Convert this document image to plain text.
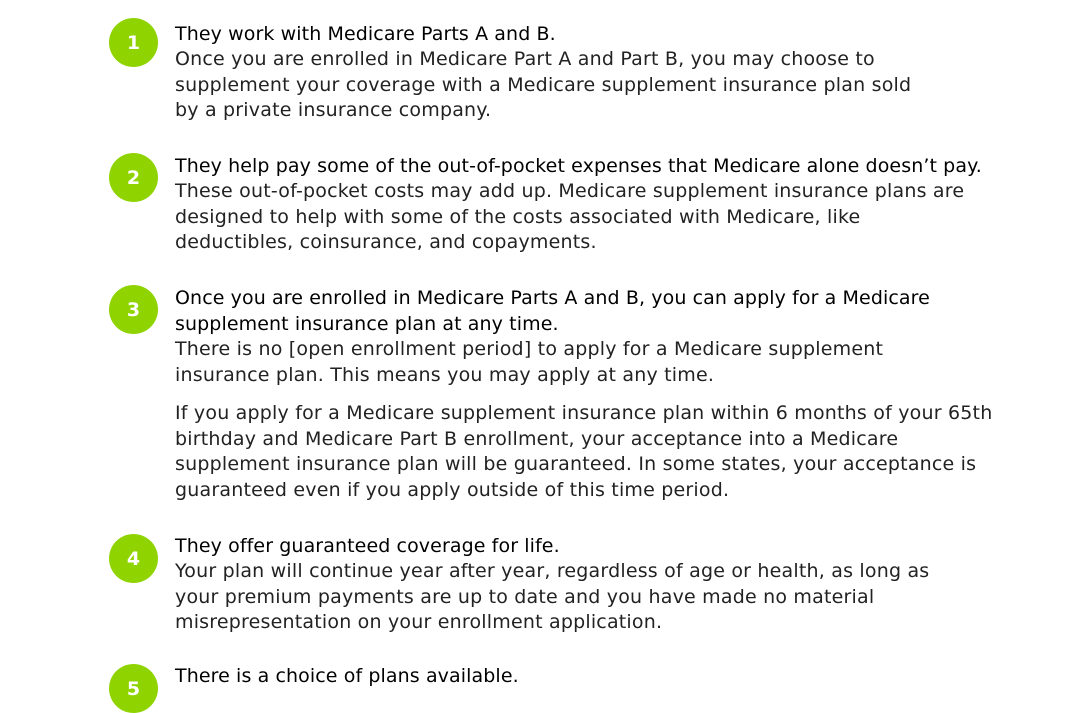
1 They work with Medicare Parts A and B.

Once you are enrolled in Medicare Part A and Part B, you may choose to supplement your coverage with a Medicare supplement insurance plan sold by a private insurance company.

2

They help pay some of the out-of-pocket expenses that Medicare alone doesn’t pay.

These out-of-pocket costs may add up. Medicare supplement insurance plans are designed to help with some of the costs associated with Medicare, like deductibles, coinsurance, and copayments.

3

Once you are enrolled in Medicare Parts A and B, you can apply for a Medicare supplement insurance plan at any time.

There is no [open enrollment period] to apply for a Medicare supplement insurance plan. This means you may apply at any time.

If you apply for a Medicare supplement insurance plan within 6 months of your 65th birthday and Medicare Part B enrollment, your acceptance into a Medicare supplement insurance plan will be guaranteed. In some states, your acceptance is guaranteed even if you apply outside of this time period.

4

They offer guaranteed coverage for life.

Your plan will continue year after year, regardless of age or health, as long as your premium payments are up to date and you have made no material misrepresentation on your enrollment application.

5

There is a choice of plans available.
